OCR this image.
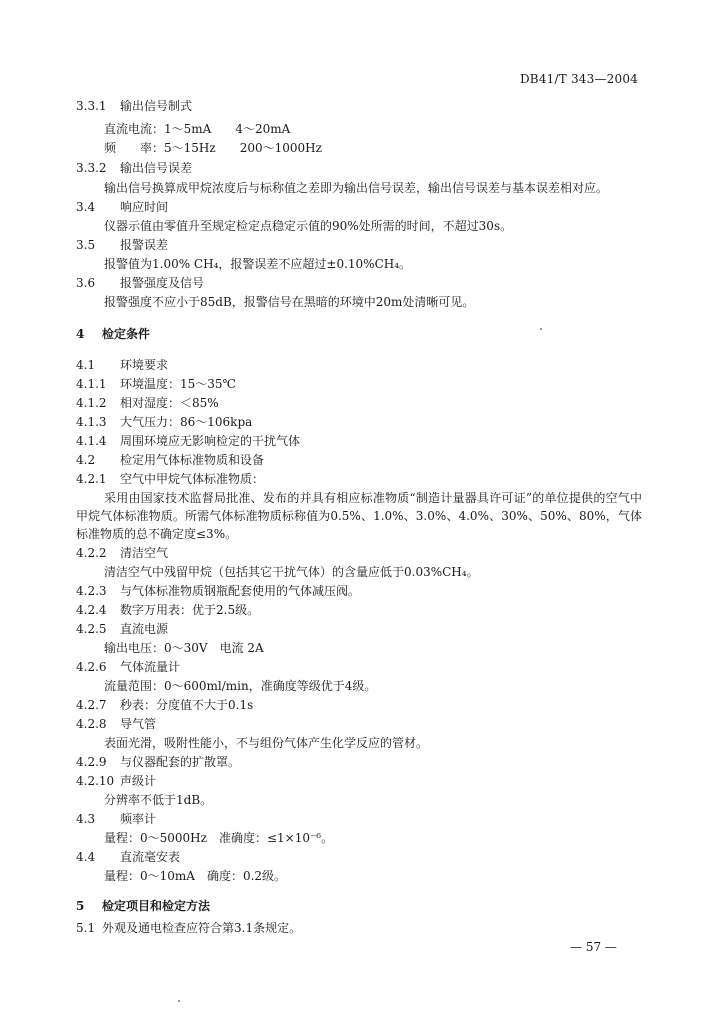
DB41/T 343—2004
3.3.1 输出信号制式
直流电流：1～5mA　　4～20mA
频　　率：5～15Hz　　200～1000Hz
3.3.2 输出信号误差
输出信号换算成甲烷浓度后与标称值之差即为输出信号误差，输出信号误差与基本误差相对应。
3.4 响应时间
仪器示值由零值升至规定检定点稳定示值的90%处所需的时间，不超过30s。
3.5 报警误差
报警值为1.00% CH₄，报警误差不应超过±0.10%CH₄。
3.6 报警强度及信号
报警强度不应小于85dB，报警信号在黑暗的环境中20m处清晰可见。
4 检定条件
4.1 环境要求
4.1.1 环境温度：15～35℃
4.1.2 相对湿度：＜85%
4.1.3 大气压力：86～106kpa
4.1.4 周围环境应无影响检定的干扰气体
4.2 检定用气体标准物质和设备
4.2.1 空气中甲烷气体标准物质：
采用由国家技术监督局批准、发布的并具有相应标准物质“制造计量器具许可证”的单位提供的空气中甲烷气体标准物质。所需气体标准物质标称值为0.5%、1.0%、3.0%、4.0%、30%、50%、80%，气体标准物质的总不确定度≤3%。
4.2.2 清洁空气
清洁空气中残留甲烷（包括其它干扰气体）的含量应低于0.03%CH₄。
4.2.3 与气体标准物质钢瓶配套使用的气体减压阀。
4.2.4 数字万用表：优于2.5级。
4.2.5 直流电源
输出电压：0～30V　电流 2A
4.2.6 气体流量计
流量范围：0～600ml/min，准确度等级优于4级。
4.2.7 秒表：分度值不大于0.1s
4.2.8 导气管
表面光滑，吸附性能小，不与组份气体产生化学反应的管材。
4.2.9 与仪器配套的扩散罩。
4.2.10 声级计
分辨率不低于1dB。
4.3 频率计
量程：0～5000Hz　准确度：≤1×10⁻⁶。
4.4 直流毫安表
量程：0～10mA　确度：0.2级。
5 检定项目和检定方法
5.1 外观及通电检查应符合第3.1条规定。
— 57 —
